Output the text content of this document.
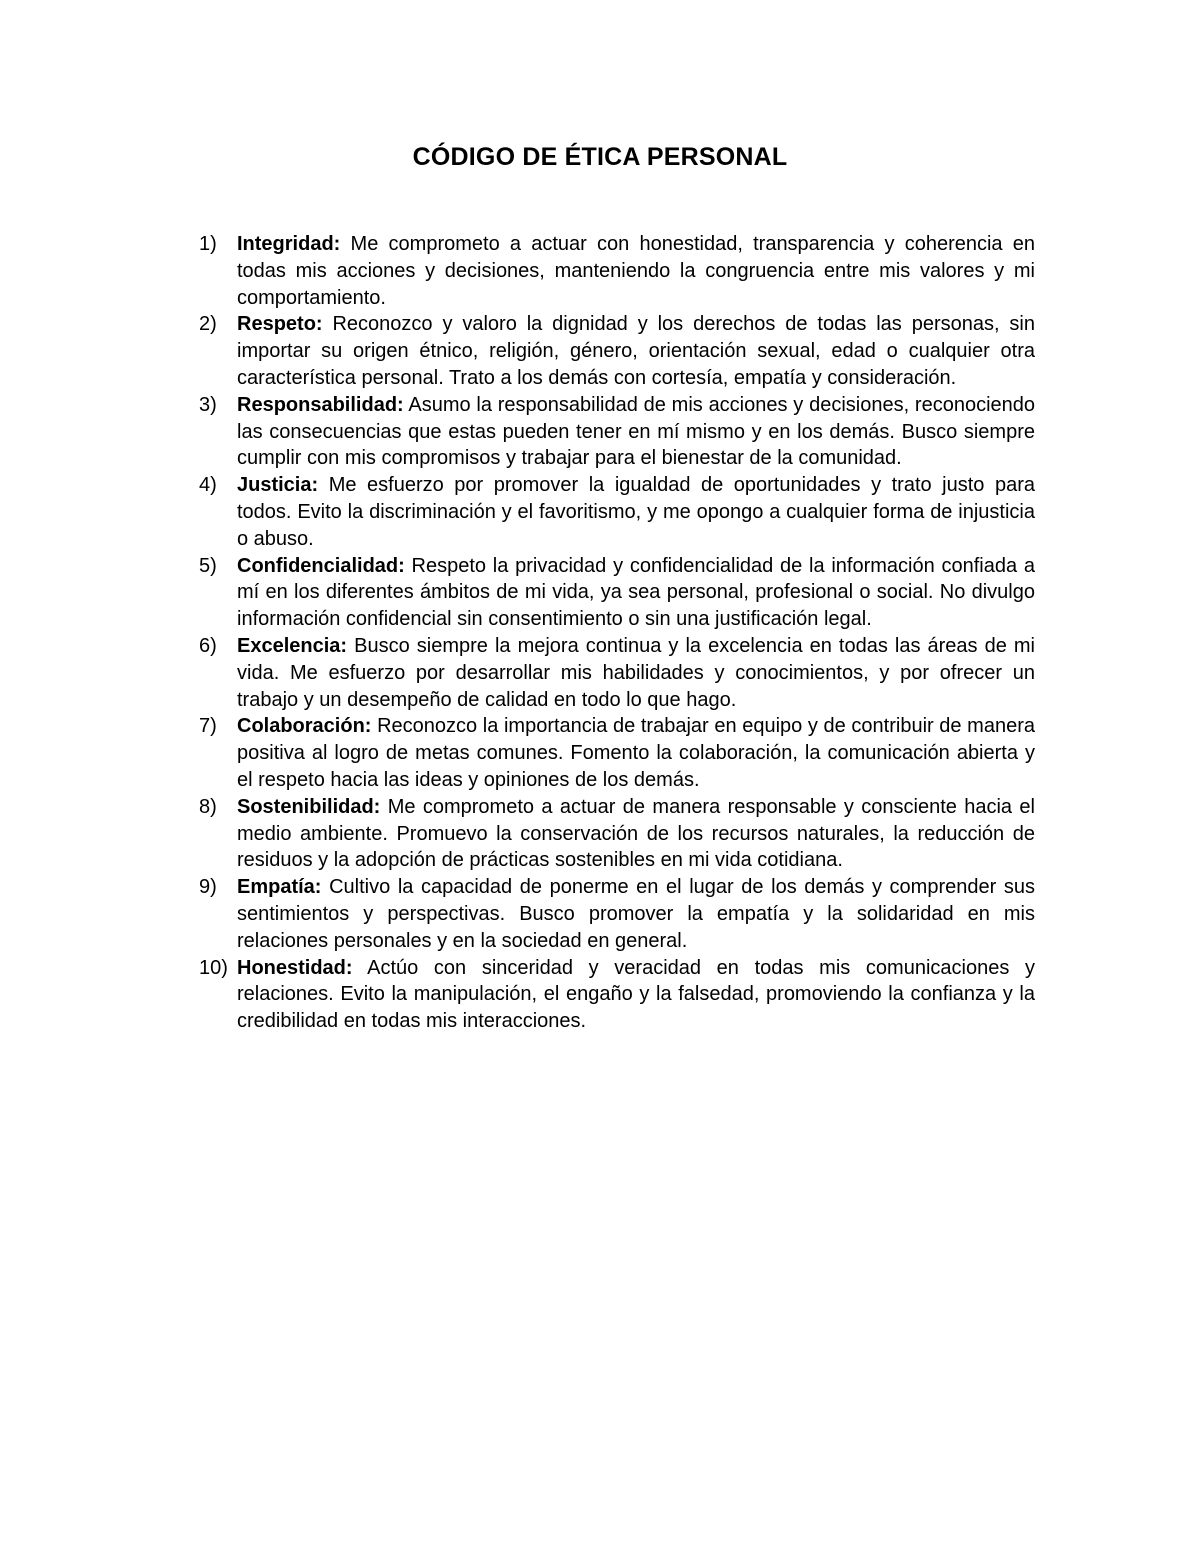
CÓDIGO DE ÉTICA PERSONAL
1)	Integridad: Me comprometo a actuar con honestidad, transparencia y coherencia en todas mis acciones y decisiones, manteniendo la congruencia entre mis valores y mi comportamiento.
2)	Respeto: Reconozco y valoro la dignidad y los derechos de todas las personas, sin importar su origen étnico, religión, género, orientación sexual, edad o cualquier otra característica personal. Trato a los demás con cortesía, empatía y consideración.
3)	Responsabilidad: Asumo la responsabilidad de mis acciones y decisiones, reconociendo las consecuencias que estas pueden tener en mí mismo y en los demás. Busco siempre cumplir con mis compromisos y trabajar para el bienestar de la comunidad.
4)	Justicia: Me esfuerzo por promover la igualdad de oportunidades y trato justo para todos. Evito la discriminación y el favoritismo, y me opongo a cualquier forma de injusticia o abuso.
5)	Confidencialidad: Respeto la privacidad y confidencialidad de la información confiada a mí en los diferentes ámbitos de mi vida, ya sea personal, profesional o social. No divulgo información confidencial sin consentimiento o sin una justificación legal.
6)	Excelencia: Busco siempre la mejora continua y la excelencia en todas las áreas de mi vida. Me esfuerzo por desarrollar mis habilidades y conocimientos, y por ofrecer un trabajo y un desempeño de calidad en todo lo que hago.
7)	Colaboración: Reconozco la importancia de trabajar en equipo y de contribuir de manera positiva al logro de metas comunes. Fomento la colaboración, la comunicación abierta y el respeto hacia las ideas y opiniones de los demás.
8)	Sostenibilidad: Me comprometo a actuar de manera responsable y consciente hacia el medio ambiente. Promuevo la conservación de los recursos naturales, la reducción de residuos y la adopción de prácticas sostenibles en mi vida cotidiana.
9)	Empatía: Cultivo la capacidad de ponerme en el lugar de los demás y comprender sus sentimientos y perspectivas. Busco promover la empatía y la solidaridad en mis relaciones personales y en la sociedad en general.
10) Honestidad: Actúo con sinceridad y veracidad en todas mis comunicaciones y relaciones. Evito la manipulación, el engaño y la falsedad, promoviendo la confianza y la credibilidad en todas mis interacciones.
